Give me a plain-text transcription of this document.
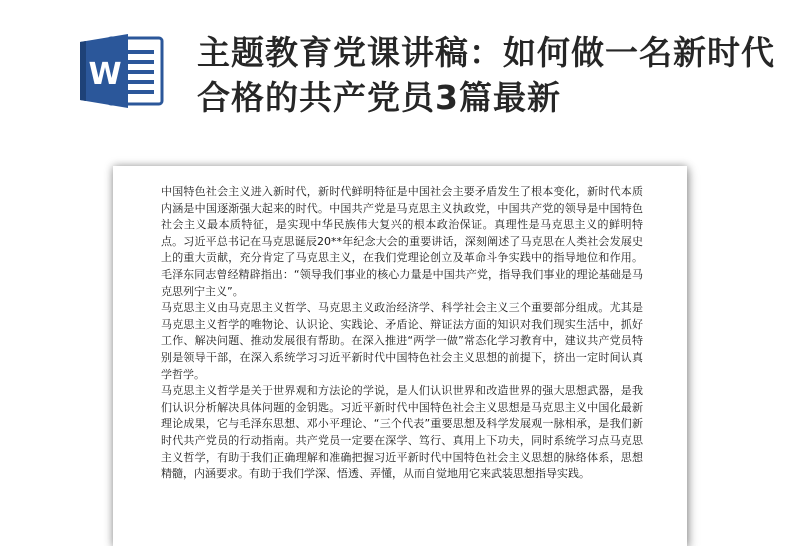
W
主题教育党课讲稿：如何做一名新时代合格的共产党员3篇最新

中国特色社会主义进入新时代，新时代鲜明特征是中国社会主要矛盾发生了根本变化，新时代本质内涵是中国逐渐强大起来的时代。中国共产党是马克思主义执政党，中国共产党的领导是中国特色社会主义最本质特征，是实现中华民族伟大复兴的根本政治保证。真理性是马克思主义的鲜明特点。习近平总书记在马克思诞辰20**年纪念大会的重要讲话，深刻阐述了马克思在人类社会发展史上的重大贡献，充分肯定了马克思主义，在我们党理论创立及革命斗争实践中的指导地位和作用。毛泽东同志曾经精辟指出：“领导我们事业的核心力量是中国共产党，指导我们事业的理论基础是马克思列宁主义”。

马克思主义由马克思主义哲学、马克思主义政治经济学、科学社会主义三个重要部分组成。尤其是马克思主义哲学的唯物论、认识论、实践论、矛盾论、辩证法方面的知识对我们现实生活中，抓好工作、解决问题、推动发展很有帮助。在深入推进“两学一做”常态化学习教育中，建议共产党员特别是领导干部，在深入系统学习习近平新时代中国特色社会主义思想的前提下，挤出一定时间认真学哲学。

马克思主义哲学是关于世界观和方法论的学说，是人们认识世界和改造世界的强大思想武器，是我们认识分析解决具体问题的金钥匙。习近平新时代中国特色社会主义思想是马克思主义中国化最新理论成果，它与毛泽东思想、邓小平理论、“三个代表”重要思想及科学发展观一脉相承，是我们新时代共产党员的行动指南。共产党员一定要在深学、笃行、真用上下功夫，同时系统学习点马克思主义哲学，有助于我们正确理解和准确把握习近平新时代中国特色社会主义思想的脉络体系，思想精髓，内涵要求。有助于我们学深、悟透、弄懂，从而自觉地用它来武装思想指导实践。
